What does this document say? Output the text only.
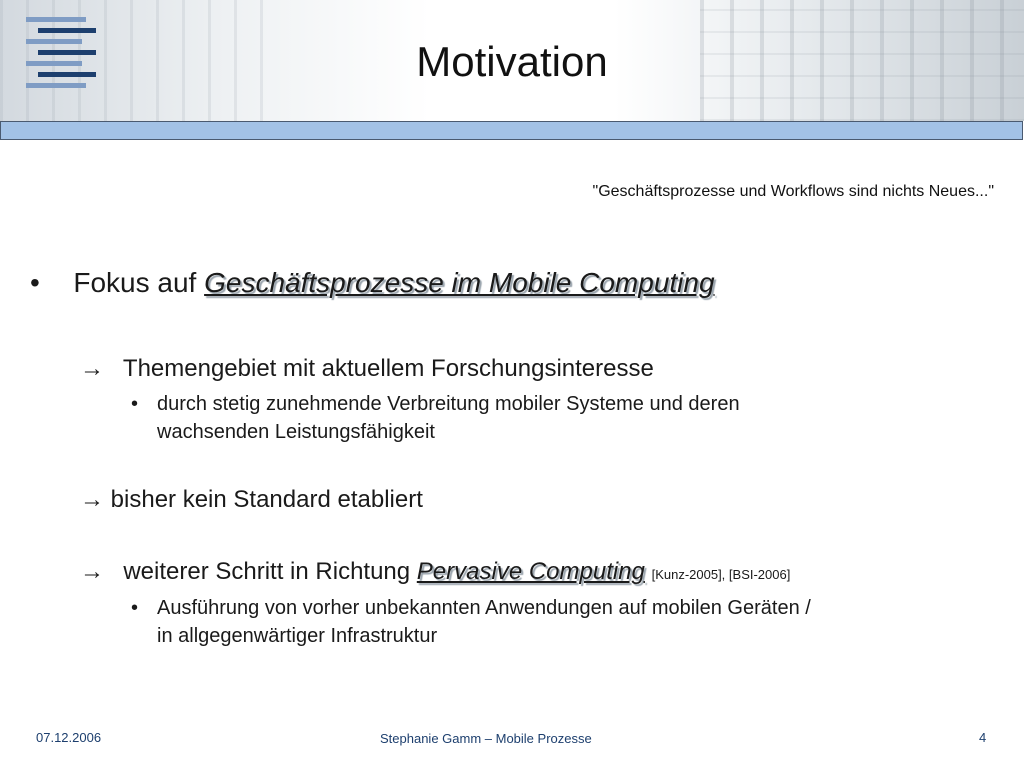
Motivation
"Geschäftsprozesse und Workflows sind nichts Neues..."
• Fokus auf Geschäftsprozesse im Mobile Computing
→ Themengebiet mit aktuellem Forschungsinteresse
• durch stetig zunehmende Verbreitung mobiler Systeme und deren
wachsenden Leistungsfähigkeit
→ bisher kein Standard etabliert
→ weiterer Schritt in Richtung Pervasive Computing [Kunz-2005], [BSI-2006]
• Ausführung von vorher unbekannten Anwendungen auf mobilen Geräten /
in allgegenwärtiger Infrastruktur
07.12.2006	Stephanie Gamm – Mobile Prozesse	4
